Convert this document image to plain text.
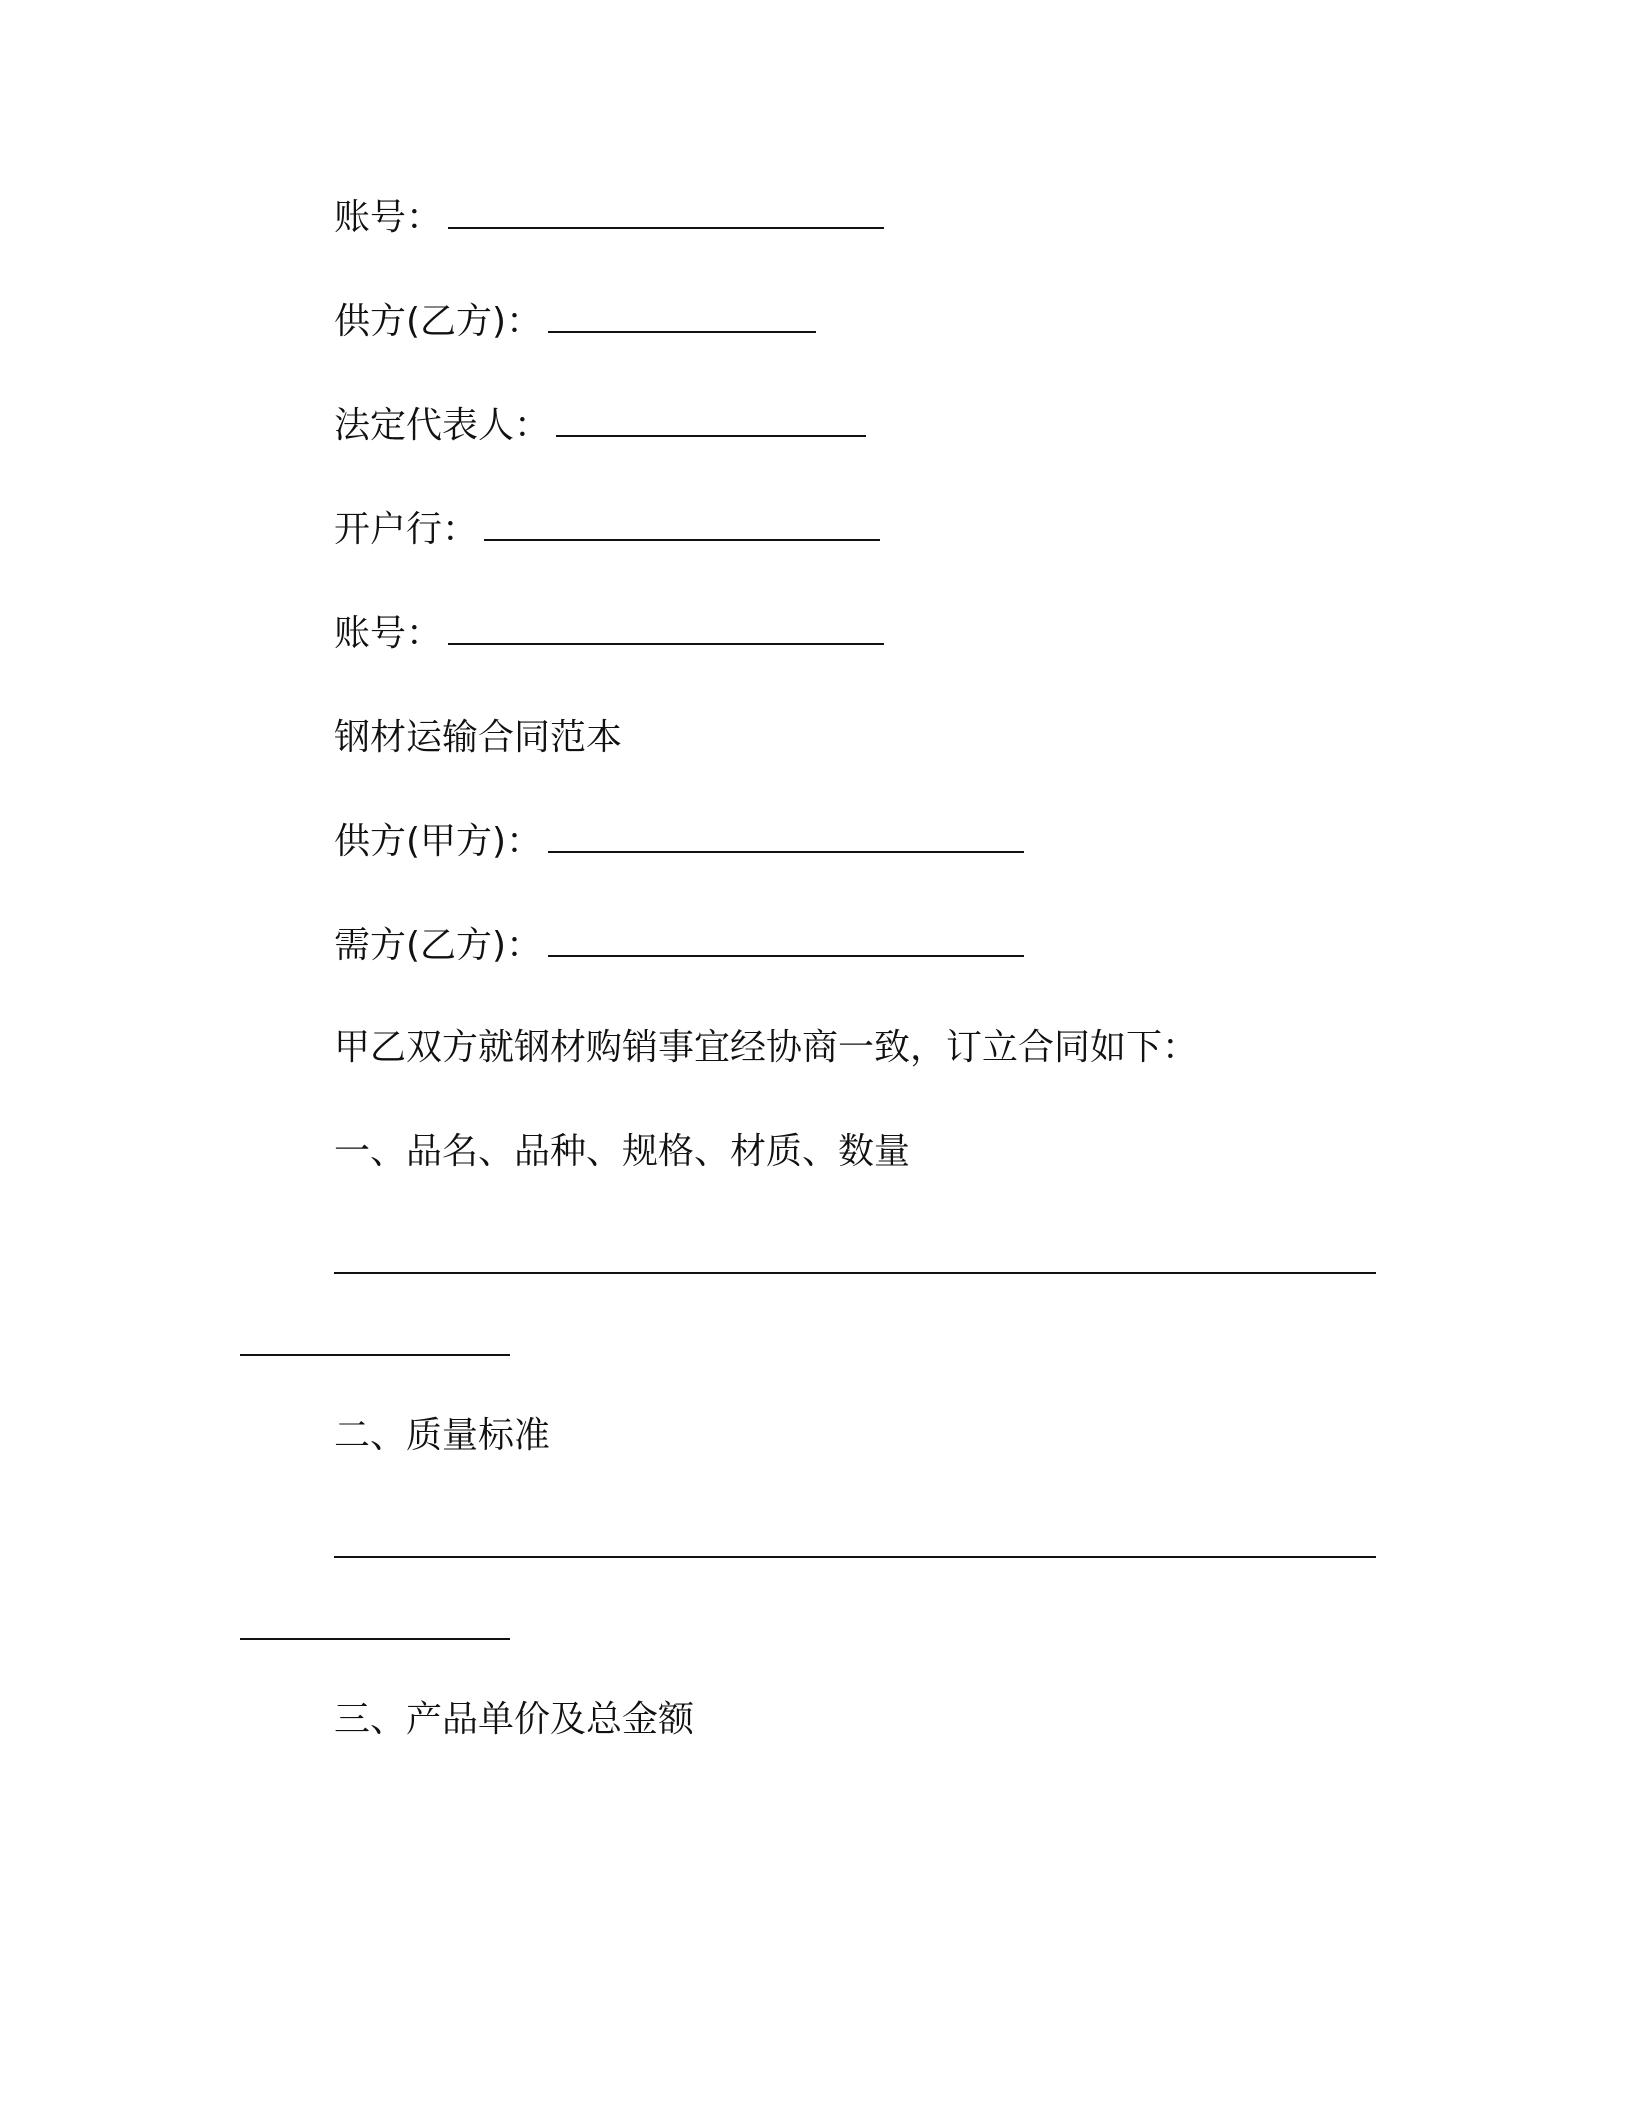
账号：

供方(乙方)：

法定代表人：

开户行：

账号：

钢材运输合同范本

供方(甲方)：

需方(乙方)：

甲乙双方就钢材购销事宜经协商一致，订立合同如下：

一、品名、品种、规格、材质、数量

二、质量标准

三、产品单价及总金额
